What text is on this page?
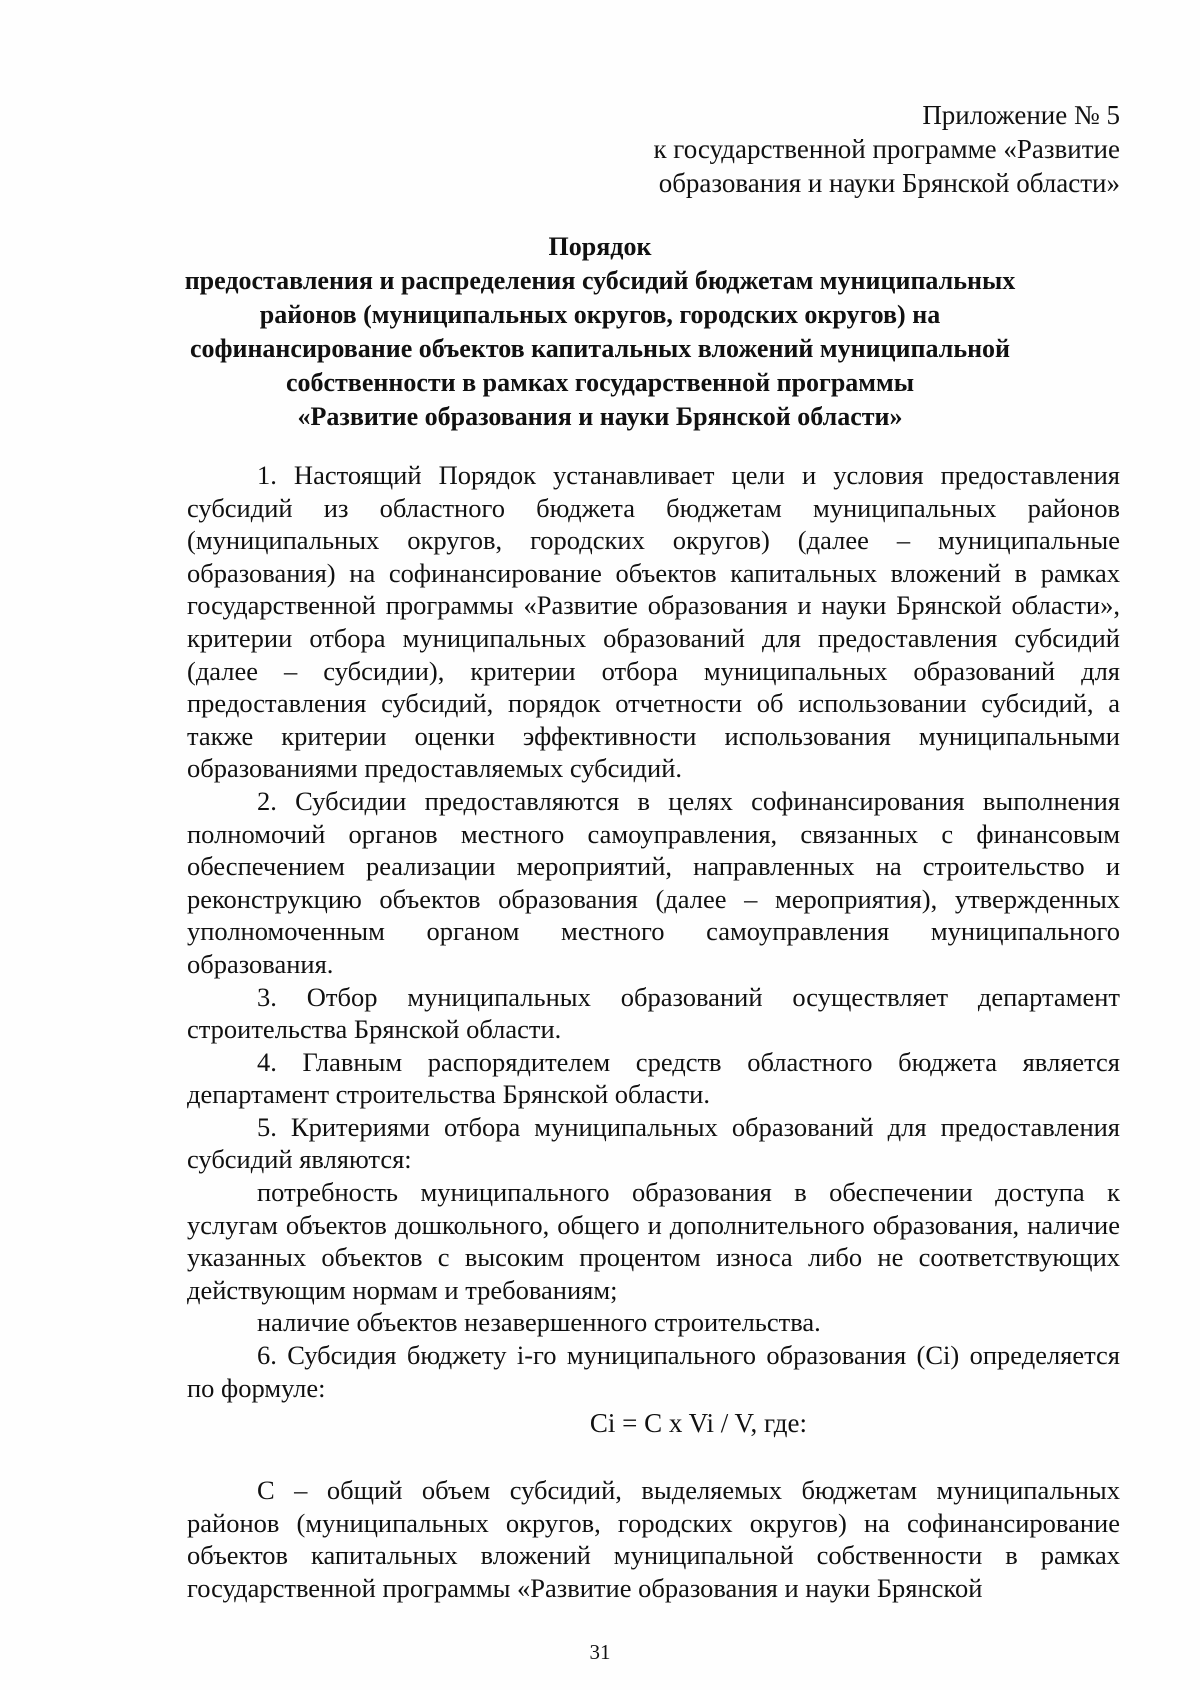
Приложение № 5
к государственной программе «Развитие
образования и науки Брянской области»
Порядок
предоставления и распределения субсидий бюджетам муниципальных
районов (муниципальных округов, городских округов) на
софинансирование объектов капитальных вложений муниципальной
собственности в рамках государственной программы
«Развитие образования и науки Брянской области»

1. Настоящий Порядок устанавливает цели и условия предоставления субсидий из областного бюджета бюджетам муниципальных районов (муниципальных округов, городских округов) (далее – муниципальные образования) на софинансирование объектов капитальных вложений в рамках государственной программы «Развитие образования и науки Брянской области», критерии отбора муниципальных образований для предоставления субсидий (далее – субсидии), критерии отбора муниципальных образований для предоставления субсидий, порядок отчетности об использовании субсидий, а также критерии оценки эффективности использования муниципальными образованиями предоставляемых субсидий.

2. Субсидии предоставляются в целях софинансирования выполнения полномочий органов местного самоуправления, связанных с финансовым обеспечением реализации мероприятий, направленных на строительство и реконструкцию объектов образования (далее – мероприятия), утвержденных уполномоченным органом местного самоуправления муниципального образования.

3. Отбор муниципальных образований осуществляет департамент строительства Брянской области.

4. Главным распорядителем средств областного бюджета является департамент строительства Брянской области.

5. Критериями отбора муниципальных образований для предоставления субсидий являются:

потребность муниципального образования в обеспечении доступа к услугам объектов дошкольного, общего и дополнительного образования, наличие указанных объектов с высоким процентом износа либо не соответствующих действующим нормам и требованиям;

наличие объектов незавершенного строительства.

6. Субсидия бюджету i-го муниципального образования (Ci) определяется по формуле:

Ci = C x Vi / V, где:

С – общий объем субсидий, выделяемых бюджетам муниципальных районов (муниципальных округов, городских округов) на софинансирование объектов капитальных вложений муниципальной собственности в рамках государственной программы «Развитие образования и науки Брянской

31
